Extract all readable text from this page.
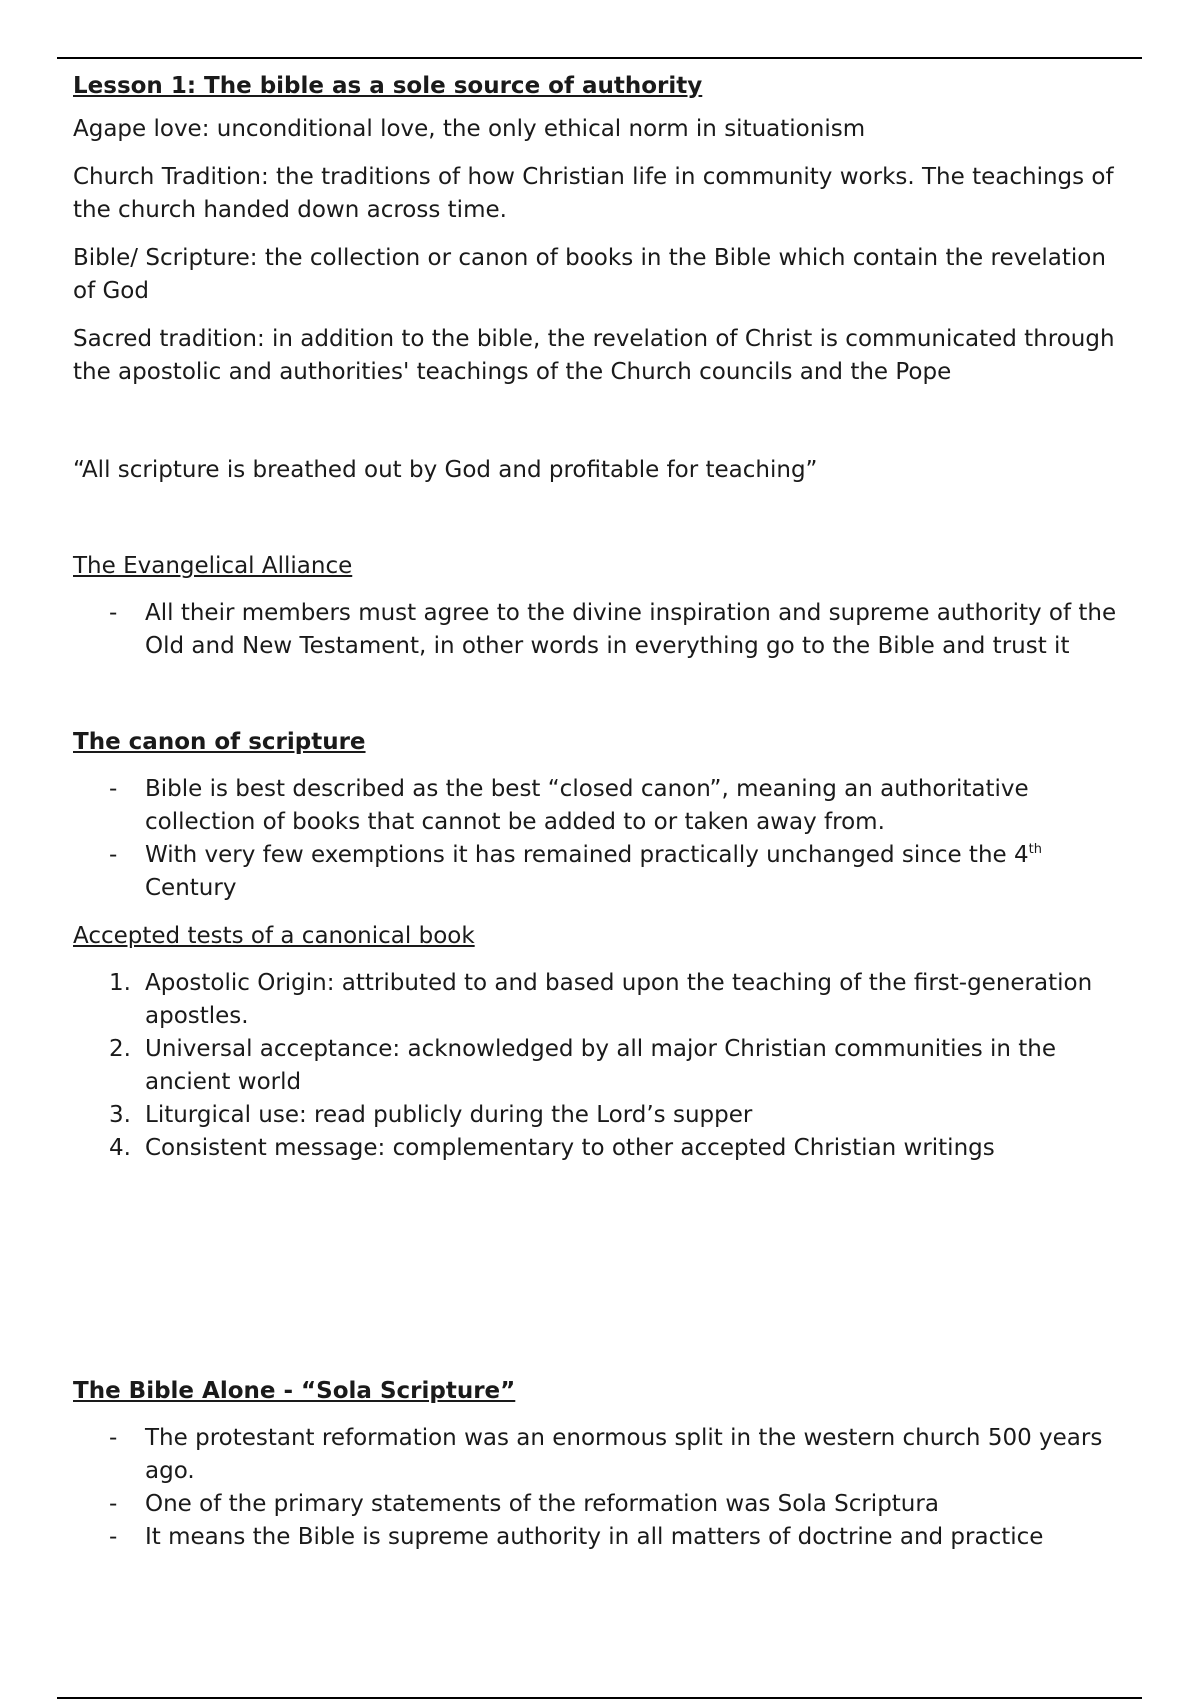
Lesson 1: The bible as a sole source of authority

Agape love: unconditional love, the only ethical norm in situationism

Church Tradition: the traditions of how Christian life in community works. The teachings of the church handed down across time.

Bible/ Scripture: the collection or canon of books in the Bible which contain the revelation of God

Sacred tradition: in addition to the bible, the revelation of Christ is communicated through the apostolic and authorities' teachings of the Church councils and the Pope

“All scripture is breathed out by God and profitable for teaching”

The Evangelical Alliance

- All their members must agree to the divine inspiration and supreme authority of the Old and New Testament, in other words in everything go to the Bible and trust it

The canon of scripture

- Bible is best described as the best “closed canon”, meaning an authoritative collection of books that cannot be added to or taken away from.
- With very few exemptions it has remained practically unchanged since the 4th
Century

Accepted tests of a canonical book

1. Apostolic Origin: attributed to and based upon the teaching of the first-generation apostles.
2. Universal acceptance: acknowledged by all major Christian communities in the ancient world
3. Liturgical use: read publicly during the Lord’s supper
4. Consistent message: complementary to other accepted Christian writings

The Bible Alone - “Sola Scripture”

- The protestant reformation was an enormous split in the western church 500 years ago.
- One of the primary statements of the reformation was Sola Scriptura
- It means the Bible is supreme authority in all matters of doctrine and practice
